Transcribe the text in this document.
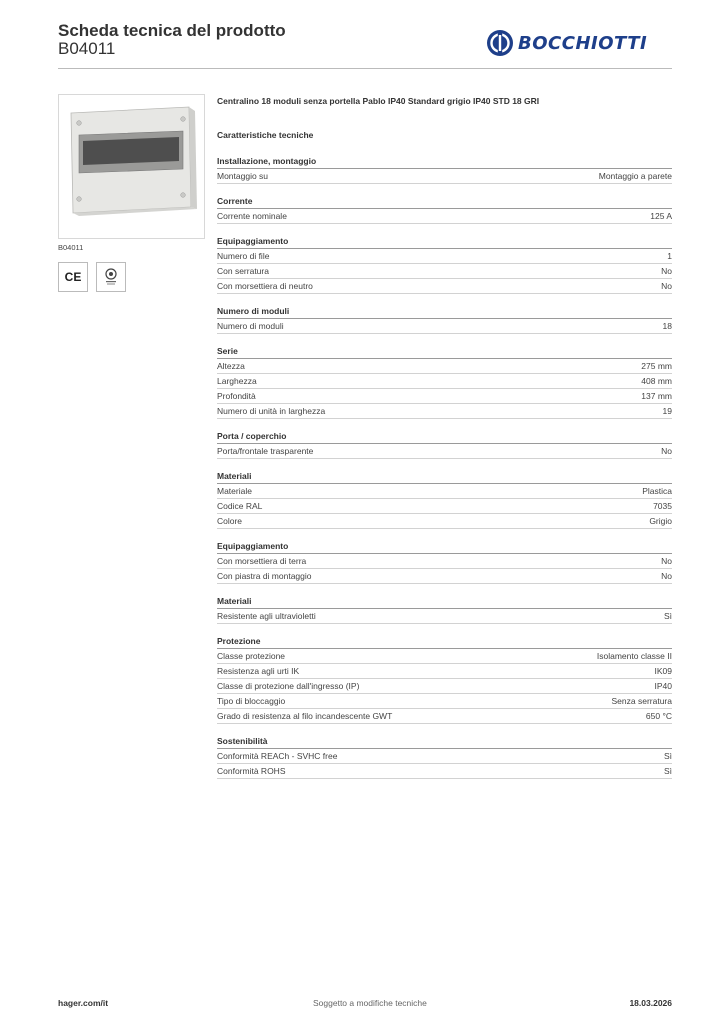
Scheda tecnica del prodotto
B04011	BOCCHIOTTI
B04011
CE
Centralino 18 moduli senza portella Pablo IP40 Standard grigio IP40 STD 18 GRI
Caratteristiche tecniche
Installazione, montaggio
Montaggio su	Montaggio a parete
Corrente
Corrente nominale	125 A
Equipaggiamento
Numero di file	1
Con serratura	No
Con morsettiera di neutro	No
Numero di moduli
Numero di moduli	18
Serie
Altezza	275 mm
Larghezza	408 mm
Profondità	137 mm
Numero di unità in larghezza	19
Porta / coperchio
Porta/frontale trasparente	No
Materiali
Materiale	Plastica
Codice RAL	7035
Colore	Grigio
Equipaggiamento
Con morsettiera di terra	No
Con piastra di montaggio	No
Materiali
Resistente agli ultravioletti	Sì
Protezione
Classe protezione	Isolamento classe II
Resistenza agli urti IK	IK09
Classe di protezione dall'ingresso (IP)	IP40
Tipo di bloccaggio	Senza serratura
Grado di resistenza al filo incandescente GWT	650 °C
Sostenibilità
Conformità REACh - SVHC free	Sì
Conformità ROHS	Sì
hager.com/it	Soggetto a modifiche tecniche	18.03.2026
